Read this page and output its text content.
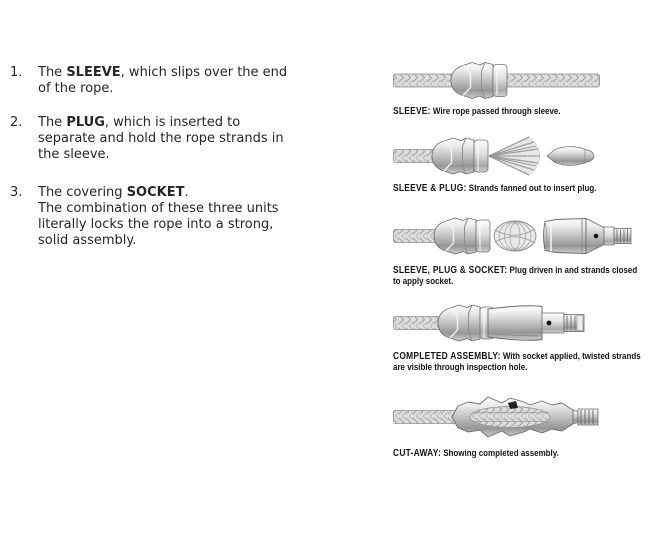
1.	The SLEEVE, which slips over the end
of the rope.
2.	The PLUG, which is inserted to
separate and hold the rope strands in
the sleeve.
3.	The covering SOCKET.
The combination of these three units
literally locks the rope into a strong,
solid assembly.

SLEEVE: Wire rope passed through sleeve.

SLEEVE & PLUG: Strands fanned out to insert plug.

SLEEVE, PLUG & SOCKET: Plug driven in and strands closed to apply socket.

COMPLETED ASSEMBLY: With socket applied, twisted strands are visible through inspection hole.

CUT-AWAY: Showing completed assembly.
